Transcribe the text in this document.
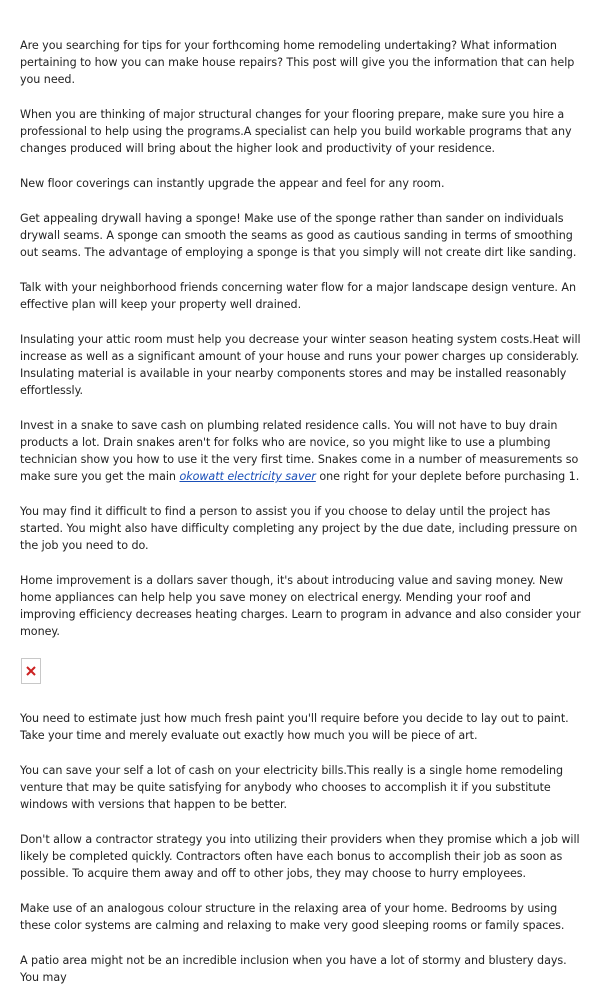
Are you searching for tips for your forthcoming home remodeling undertaking? What information pertaining to how you can make house repairs? This post will give you the information that can help you need.

When you are thinking of major structural changes for your flooring prepare, make sure you hire a professional to help using the programs.A specialist can help you build workable programs that any changes produced will bring about the higher look and productivity of your residence.

New floor coverings can instantly upgrade the appear and feel for any room.

Get appealing drywall having a sponge! Make use of the sponge rather than sander on individuals drywall seams. A sponge can smooth the seams as good as cautious sanding in terms of smoothing out seams. The advantage of employing a sponge is that you simply will not create dirt like sanding.

Talk with your neighborhood friends concerning water flow for a major landscape design venture. An effective plan will keep your property well drained.

Insulating your attic room must help you decrease your winter season heating system costs.Heat will increase as well as a significant amount of your house and runs your power charges up considerably. Insulating material is available in your nearby components stores and may be installed reasonably effortlessly.

Invest in a snake to save cash on plumbing related residence calls. You will not have to buy drain products a lot. Drain snakes aren't for folks who are novice, so you might like to use a plumbing technician show you how to use it the very first time. Snakes come in a number of measurements so make sure you get the main okowatt electricity saver one right for your deplete before purchasing 1.

You may find it difficult to find a person to assist you if you choose to delay until the project has started. You might also have difficulty completing any project by the due date, including pressure on the job you need to do.

Home improvement is a dollars saver though, it's about introducing value and saving money. New home appliances can help help you save money on electrical energy. Mending your roof and improving efficiency decreases heating charges. Learn to program in advance and also consider your money.

You need to estimate just how much fresh paint you'll require before you decide to lay out to paint. Take your time and merely evaluate out exactly how much you will be piece of art.

You can save your self a lot of cash on your electricity bills.This really is a single home remodeling venture that may be quite satisfying for anybody who chooses to accomplish it if you substitute windows with versions that happen to be better.

Don't allow a contractor strategy you into utilizing their providers when they promise which a job will likely be completed quickly. Contractors often have each bonus to accomplish their job as soon as possible. To acquire them away and off to other jobs, they may choose to hurry employees.

Make use of an analogous colour structure in the relaxing area of your home. Bedrooms by using these color systems are calming and relaxing to make very good sleeping rooms or family spaces.

A patio area might not be an incredible inclusion when you have a lot of stormy and blustery days. You may
